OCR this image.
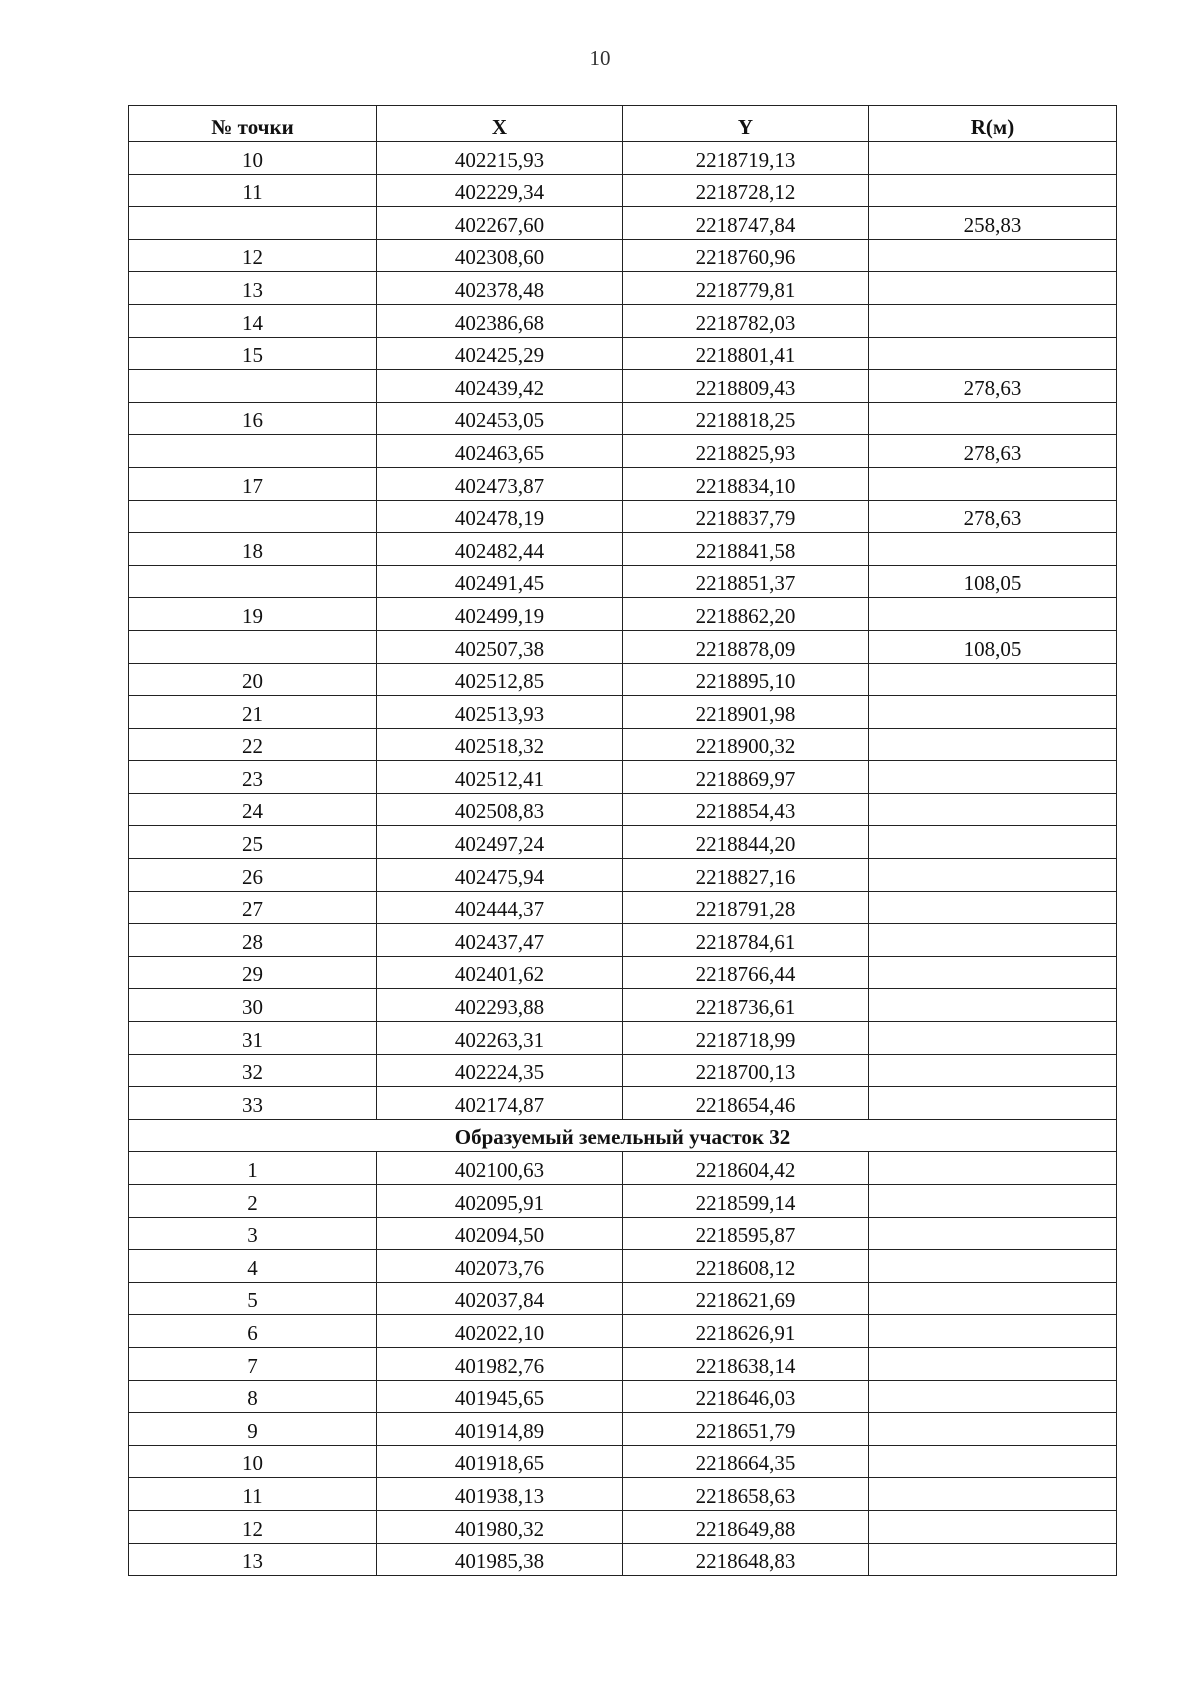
10
№ точки	X	Y	R(м)
10	402215,93	2218719,13	
11	402229,34	2218728,12	
	402267,60	2218747,84	258,83
12	402308,60	2218760,96	
13	402378,48	2218779,81	
14	402386,68	2218782,03	
15	402425,29	2218801,41	
	402439,42	2218809,43	278,63
16	402453,05	2218818,25	
	402463,65	2218825,93	278,63
17	402473,87	2218834,10	
	402478,19	2218837,79	278,63
18	402482,44	2218841,58	
	402491,45	2218851,37	108,05
19	402499,19	2218862,20	
	402507,38	2218878,09	108,05
20	402512,85	2218895,10	
21	402513,93	2218901,98	
22	402518,32	2218900,32	
23	402512,41	2218869,97	
24	402508,83	2218854,43	
25	402497,24	2218844,20	
26	402475,94	2218827,16	
27	402444,37	2218791,28	
28	402437,47	2218784,61	
29	402401,62	2218766,44	
30	402293,88	2218736,61	
31	402263,31	2218718,99	
32	402224,35	2218700,13	
33	402174,87	2218654,46	
Образуемый земельный участок 32			
1	402100,63	2218604,42	
2	402095,91	2218599,14	
3	402094,50	2218595,87	
4	402073,76	2218608,12	
5	402037,84	2218621,69	
6	402022,10	2218626,91	
7	401982,76	2218638,14	
8	401945,65	2218646,03	
9	401914,89	2218651,79	
10	401918,65	2218664,35	
11	401938,13	2218658,63	
12	401980,32	2218649,88	
13	401985,38	2218648,83	
